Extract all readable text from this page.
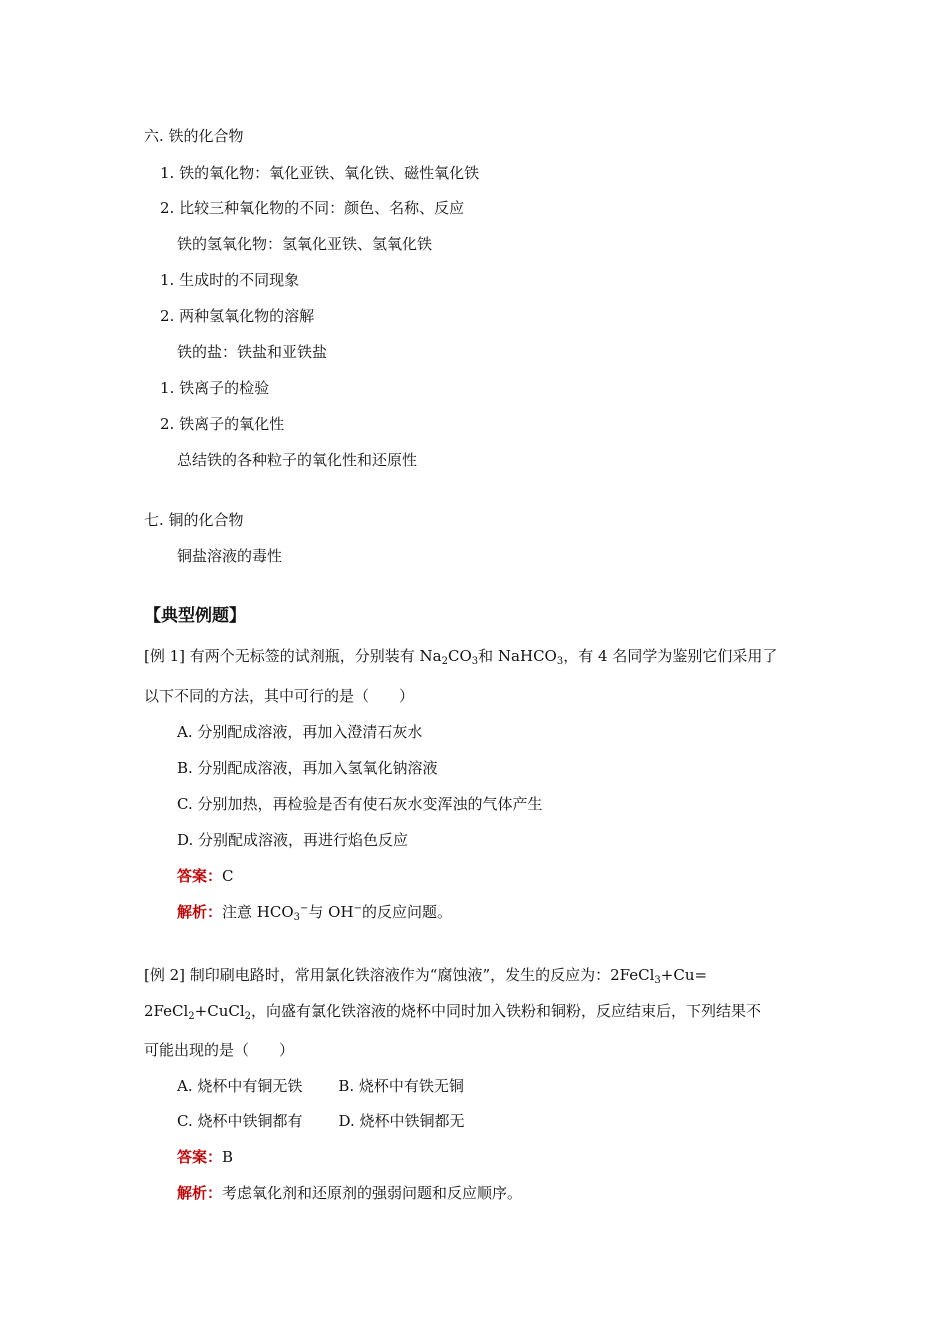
六. 铁的化合物
1. 铁的氧化物：氧化亚铁、氧化铁、磁性氧化铁
2. 比较三种氧化物的不同：颜色、名称、反应
铁的氢氧化物：氢氧化亚铁、氢氧化铁
1. 生成时的不同现象
2. 两种氢氧化物的溶解
铁的盐：铁盐和亚铁盐
1. 铁离子的检验
2. 铁离子的氧化性
总结铁的各种粒子的氧化性和还原性
七. 铜的化合物
铜盐溶液的毒性
【典型例题】
[例 1] 有两个无标签的试剂瓶，分别装有 $Na_2CO_3$和 NaHCO$_3$，有 4 名同学为鉴别它们采用了
以下不同的方法，其中可行的是（　　）
A. 分别配成溶液，再加入澄清石灰水
B. 分别配成溶液，再加入氢氧化钠溶液
C. 分别加热，再检验是否有使石灰水变浑浊的气体产生
D. 分别配成溶液，再进行焰色反应
答案：C
解析：注意 $HCO_3^-$与 OH−的反应问题。
[例 2] 制印刷电路时，常用氯化铁溶液作为“腐蚀液”，发生的反应为：2FeCl$_3$+Cu=
2FeCl$_2$+CuCl$_2$，向盛有氯化铁溶液的烧杯中同时加入铁粉和铜粉，反应结束后，下列结果不
可能出现的是（　　）
A. 烧杯中有铜无铁 B. 烧杯中有铁无铜
C. 烧杯中铁铜都有 D. 烧杯中铁铜都无
答案：B
解析：考虑氧化剂和还原剂的强弱问题和反应顺序。
